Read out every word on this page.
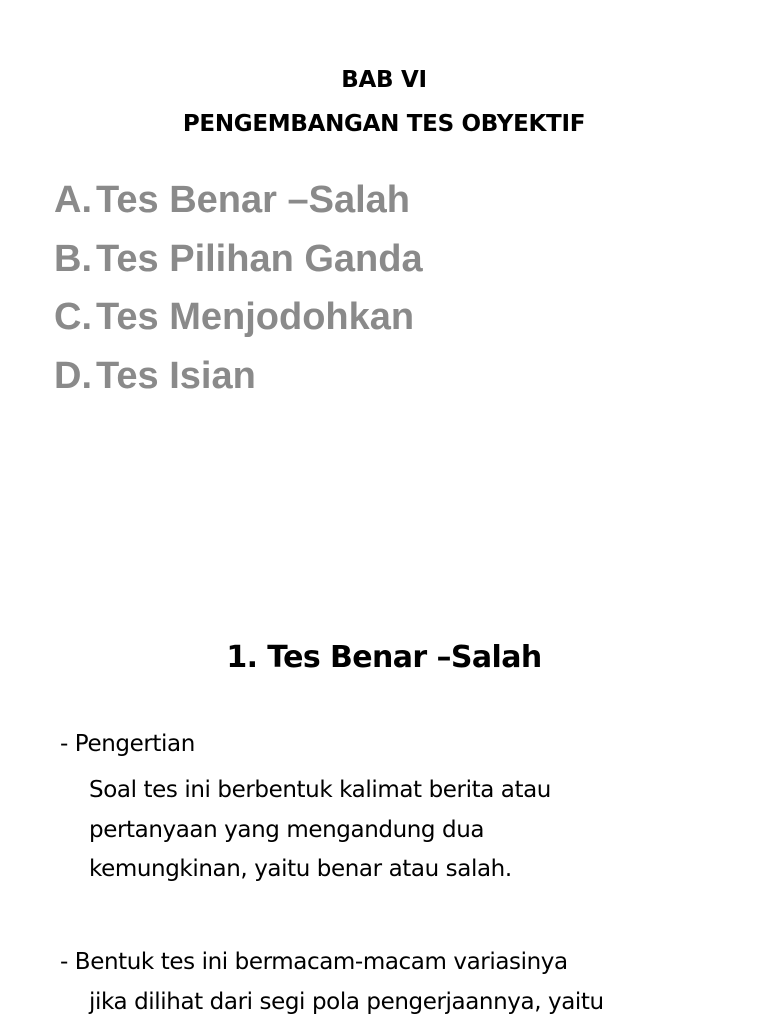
BAB VI
PENGEMBANGAN TES OBYEKTIF
A. Tes Benar –Salah
B. Tes Pilihan Ganda
C. Tes Menjodohkan
D. Tes Isian
1. Tes Benar –Salah
- Pengertian
Soal tes ini berbentuk kalimat berita atau
pertanyaan yang mengandung dua
kemungkinan, yaitu benar atau salah.
- Bentuk tes ini bermacam-macam variasinya
jika dilihat dari segi pola pengerjaannya, yaitu
